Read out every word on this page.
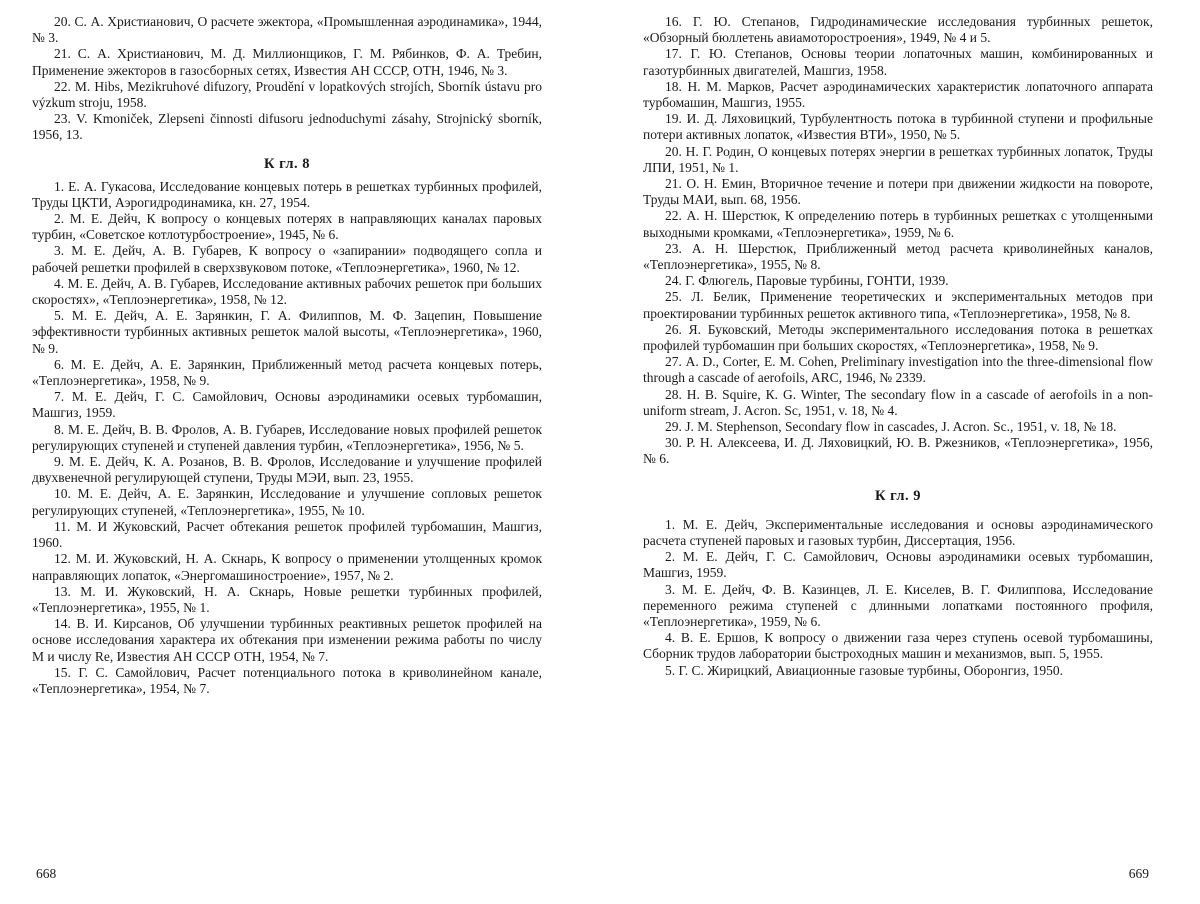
20. С. А. Христианович, О расчете эжектора, «Промышленная аэродинамика», 1944, № 3.

21. С. А. Христианович, М. Д. Миллионщиков, Г. М. Рябинков, Ф. А. Требин, Применение эжекторов в газосборных сетях, Известия АН СССР, ОТН, 1946, № 3.

22. M. Hibs, Mezikruhové difuzory, Proudění v lopatkových strojích, Sborník ústavu pro výzkum stroju, 1958.

23. V. Kmoniček, Zlepseni činnosti difusoru jednoduchymi zásahy, Strojnický sborník, 1956, 13.

К гл. 8

1. Е. А. Гукасова, Исследование концевых потерь в решетках турбинных профилей, Труды ЦКТИ, Аэрогидродинамика, кн. 27, 1954.

2. М. Е. Дейч, К вопросу о концевых потерях в направляющих каналах паровых турбин, «Советское котлотурбостроение», 1945, № 6.

3. М. Е. Дейч, А. В. Губарев, К вопросу о «запирании» подводящего сопла и рабочей решетки профилей в сверхзвуковом потоке, «Теплоэнергетика», 1960, № 12.

4. М. Е. Дейч, А. В. Губарев, Исследование активных рабочих решеток при больших скоростях», «Теплоэнергетика», 1958, № 12.

5. М. Е. Дейч, А. Е. Зарянкин, Г. А. Филиппов, М. Ф. Зацепин, Повышение эффективности турбинных активных решеток малой высоты, «Теплоэнергетика», 1960, № 9.

6. М. Е. Дейч, А. Е. Зарянкин, Приближенный метод расчета концевых потерь, «Теплоэнергетика», 1958, № 9.

7. М. Е. Дейч, Г. С. Самойлович, Основы аэродинамики осевых турбомашин, Машгиз, 1959.

8. М. Е. Дейч, В. В. Фролов, А. В. Губарев, Исследование новых профилей решеток регулирующих ступеней и ступеней давления турбин, «Теплоэнергетика», 1956, № 5.

9. М. Е. Дейч, К. А. Розанов, В. В. Фролов, Исследование и улучшение профилей двухвенечной регулирующей ступени, Труды МЭИ, вып. 23, 1955.

10. М. Е. Дейч, А. Е. Зарянкин, Исследование и улучшение сопловых решеток регулирующих ступеней, «Теплоэнергетика», 1955, № 10.

11. М. И Жуковский, Расчет обтекания решеток профилей турбомашин, Машгиз, 1960.

12. М. И. Жуковский, Н. А. Скнарь, К вопросу о применении утолщенных кромок направляющих лопаток, «Энергомашиностроение», 1957, № 2.

13. М. И. Жуковский, Н. А. Скнарь, Новые решетки турбинных профилей, «Теплоэнергетика», 1955, № 1.

14. В. И. Кирсанов, Об улучшении турбинных реактивных решеток профилей на основе исследования характера их обтекания при изменении режима работы по числу М и числу Re, Известия АН СССР ОТН, 1954, № 7.

15. Г. С. Самойлович, Расчет потенциального потока в криволинейном канале, «Теплоэнергетика», 1954, № 7.

668

16. Г. Ю. Степанов, Гидродинамические исследования турбинных решеток, «Обзорный бюллетень авиамоторостроения», 1949, № 4 и 5.

17. Г. Ю. Степанов, Основы теории лопаточных машин, комбинированных и газотурбинных двигателей, Машгиз, 1958.

18. Н. М. Марков, Расчет аэродинамических характеристик лопаточного аппарата турбомашин, Машгиз, 1955.

19. И. Д. Ляховицкий, Турбулентность потока в турбинной ступени и профильные потери активных лопаток, «Известия ВТИ», 1950, № 5.

20. Н. Г. Родин, О концевых потерях энергии в решетках турбинных лопаток, Труды ЛПИ, 1951, № 1.

21. О. Н. Емин, Вторичное течение и потери при движении жидкости на повороте, Труды МАИ, вып. 68, 1956.

22. А. Н. Шерстюк, К определению потерь в турбинных решетках с утолщенными выходными кромками, «Теплоэнергетика», 1959, № 6.

23. А. Н. Шерстюк, Приближенный метод расчета криволинейных каналов, «Теплоэнергетика», 1955, № 8.

24. Г. Флюгель, Паровые турбины, ГОНТИ, 1939.

25. Л. Белик, Применение теоретических и экспериментальных методов при проектировании турбинных решеток активного типа, «Теплоэнергетика», 1958, № 8.

26. Я. Буковский, Методы экспериментального исследования потока в решетках профилей турбомашин при больших скоростях, «Теплоэнергетика», 1958, № 9.

27. А. D., Corter, Е. М. Cohen, Preliminary investigation into the three-dimensional flow through a cascade of aerofoils, ARC, 1946, № 2339.

28. Н. В. Squire, К. G. Winter, The secondary flow in a cascade of aerofoils in a non-uniform stream, J. Acron. Sc, 1951, v. 18, № 4.

29. J. M. Stephenson, Secondary flow in cascades, J. Acron. Sc., 1951, v. 18, № 18.

30. Р. Н. Алексеева, И. Д. Ляховицкий, Ю. В. Ржезников, «Теплоэнергетика», 1956, № 6.

К гл. 9

1. М. Е. Дейч, Экспериментальные исследования и основы аэродинамического расчета ступеней паровых и газовых турбин, Диссертация, 1956.

2. М. Е. Дейч, Г. С. Самойлович, Основы аэродинамики осевых турбомашин, Машгиз, 1959.

3. М. Е. Дейч, Ф. В. Казинцев, Л. Е. Киселев, В. Г. Филиппова, Исследование переменного режима ступеней с длинными лопатками постоянного профиля, «Теплоэнергетика», 1959, № 6.

4. В. Е. Ершов, К вопросу о движении газа через ступень осевой турбомашины, Сборник трудов лаборатории быстроходных машин и механизмов, вып. 5, 1955.

5. Г. С. Жирицкий, Авиационные газовые турбины, Оборонгиз, 1950.

669
